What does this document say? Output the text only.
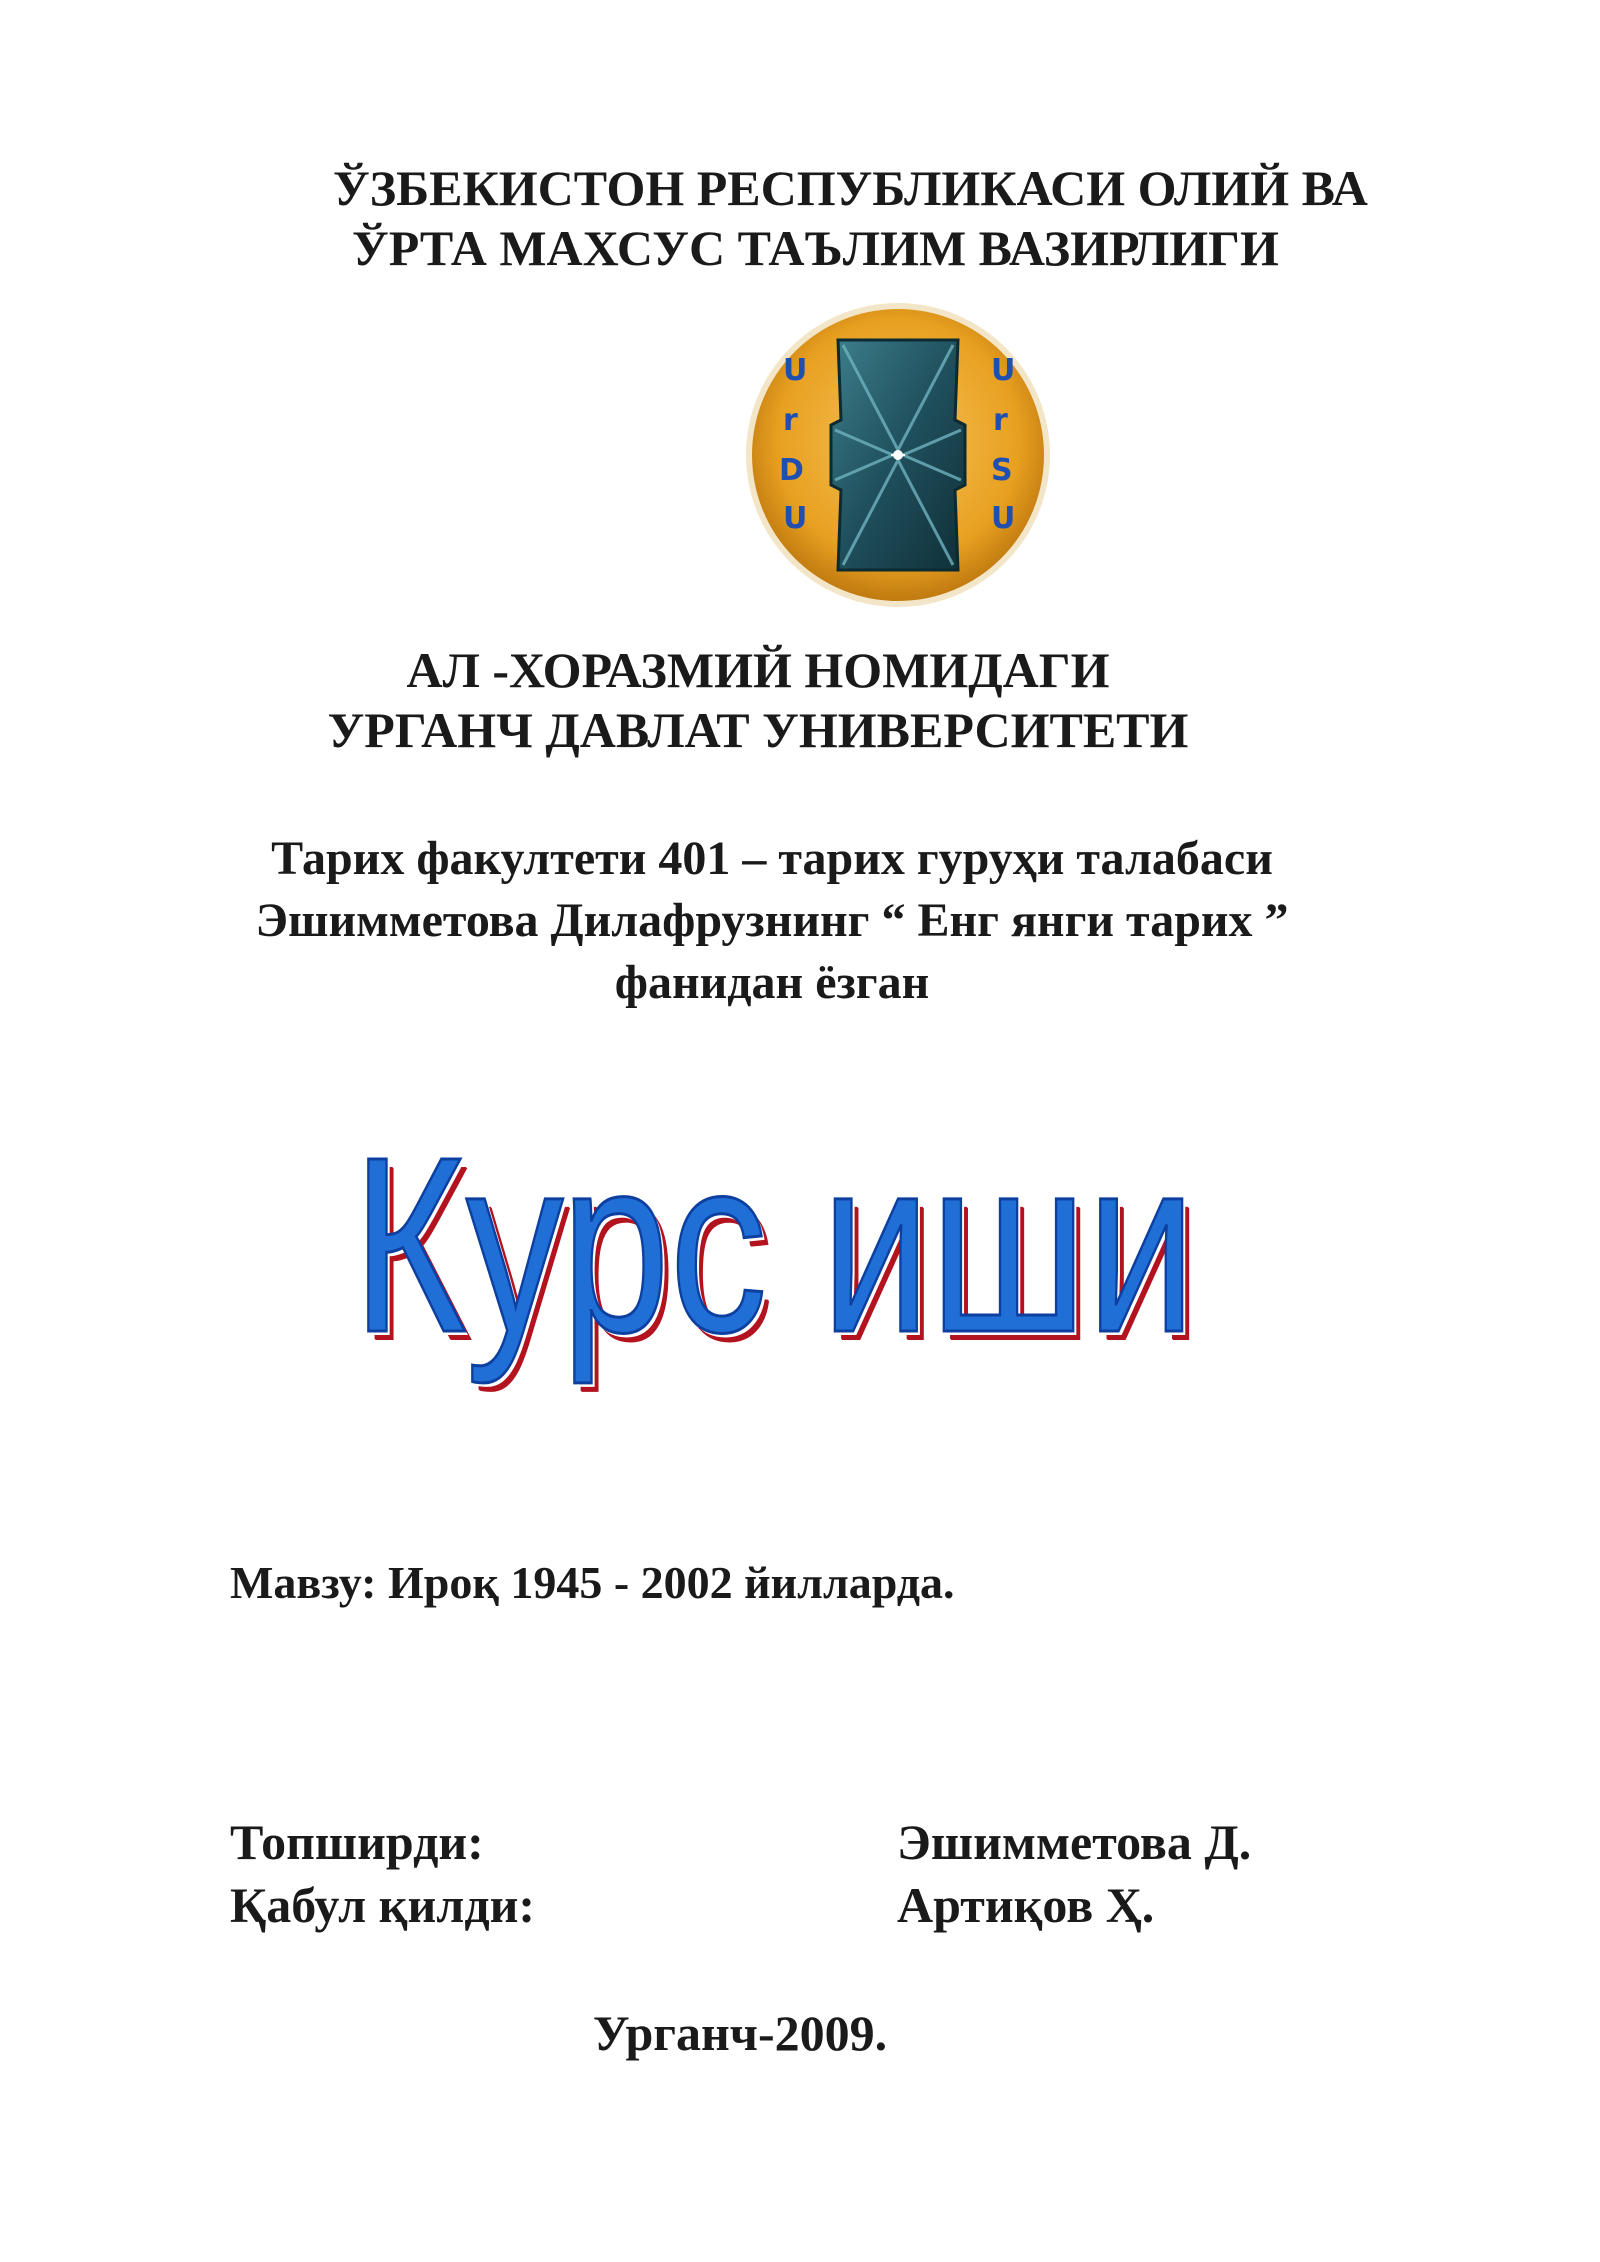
ЎЗБЕКИСТОН РЕСПУБЛИКАСИ ОЛИЙ ВА
ЎРТА МАХСУС ТАЪЛИМ ВАЗИРЛИГИ
U
r
D
U
U
r
S
U
АЛ -ХОРАЗМИЙ НОМИДАГИ
УРГАНЧ ДАВЛАТ УНИВЕРСИТЕТИ
Тарих факултети 401 – тарих гуруҳи талабаси
Эшимметова Дилафрузнинг “ Енг янги тарих ”
фанидан ёзган
Курс иши
Мавзу: Ироқ 1945 - 2002 йилларда.
Топширди:	Эшимметова Д.
Қабул қилди:	Артиқов Ҳ.
Урганч-2009.
